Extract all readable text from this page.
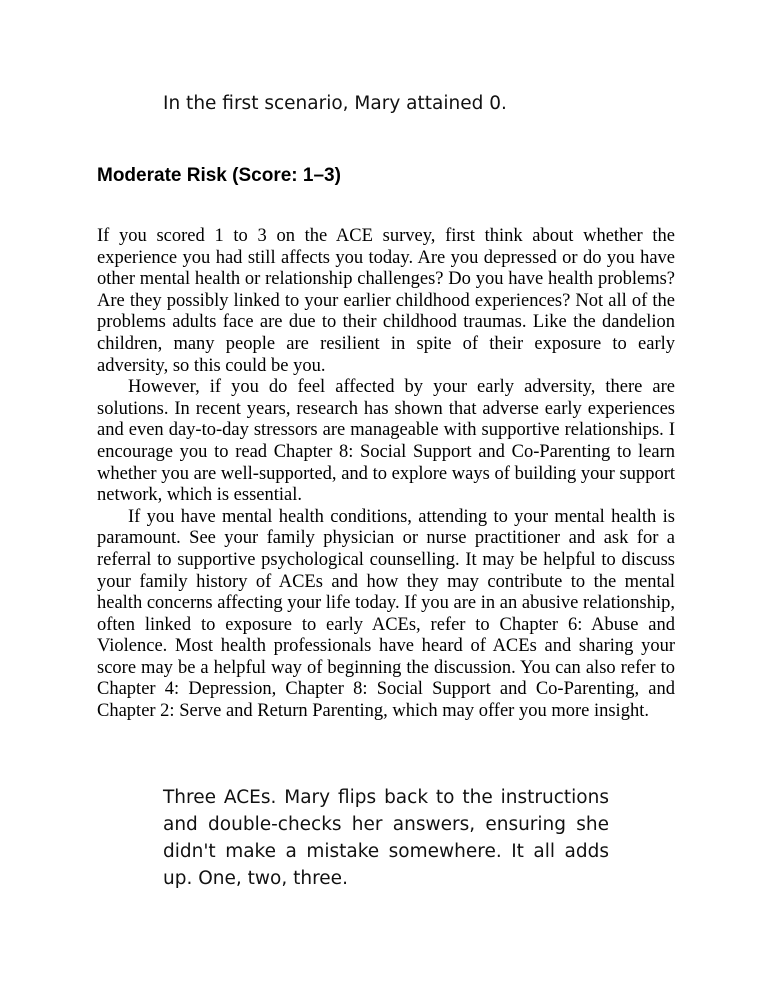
In the first scenario, Mary attained 0.
Moderate Risk (Score: 1–3)

If you scored 1 to 3 on the ACE survey, first think about whether the experience you had still affects you today. Are you depressed or do you have other mental health or relationship challenges? Do you have health problems? Are they possibly linked to your earlier childhood experiences? Not all of the problems adults face are due to their childhood traumas. Like the dandelion children, many people are resilient in spite of their exposure to early adversity, so this could be you.

However, if you do feel affected by your early adversity, there are solutions. In recent years, research has shown that adverse early experiences and even day-to-day stressors are manageable with supportive relationships. I encourage you to read Chapter 8: Social Support and Co-Parenting to learn whether you are well-supported, and to explore ways of building your support network, which is essential.

If you have mental health conditions, attending to your mental health is paramount. See your family physician or nurse practitioner and ask for a referral to supportive psychological counselling. It may be helpful to discuss your family history of ACEs and how they may contribute to the mental health concerns affecting your life today. If you are in an abusive relationship, often linked to exposure to early ACEs, refer to Chapter 6: Abuse and Violence. Most health professionals have heard of ACEs and sharing your score may be a helpful way of beginning the discussion. You can also refer to Chapter 4: Depression, Chapter 8: Social Support and Co-Parenting, and Chapter 2: Serve and Return Parenting, which may offer you more insight.

Three ACEs. Mary flips back to the instructions and double-checks her answers, ensuring she didn't make a mistake somewhere. It all adds up. One, two, three.
